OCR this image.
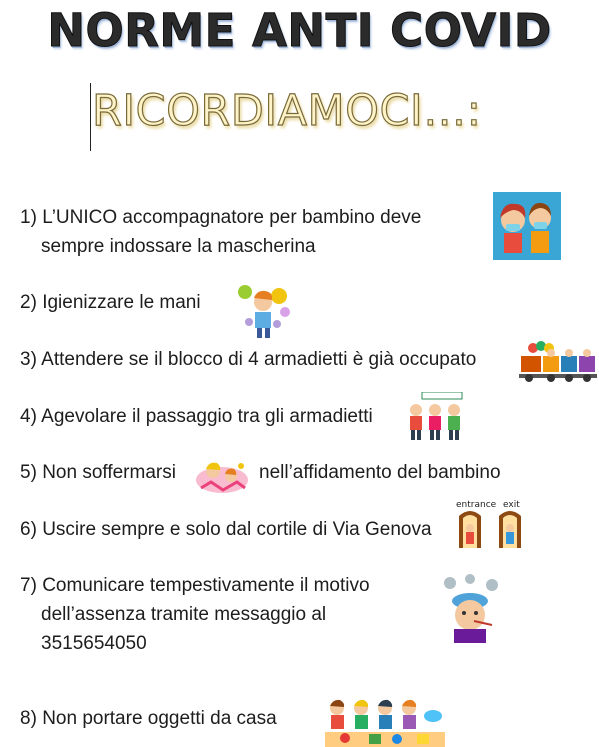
NORME ANTI COVID
RICORDIAMOCI…:
1) L’UNICO accompagnatore per bambino deve
sempre indossare la mascherina
2) Igienizzare le mani
3) Attendere se il blocco di 4 armadietti è già occupato
4) Agevolare il passaggio tra gli armadietti
5) Non soffermarsi	nell’affidamento del bambino
6) Uscire sempre e solo dal cortile di Via Genova
entrance exit
7) Comunicare tempestivamente il motivo
dell’assenza tramite messaggio al
3515654050
8) Non portare oggetti da casa
